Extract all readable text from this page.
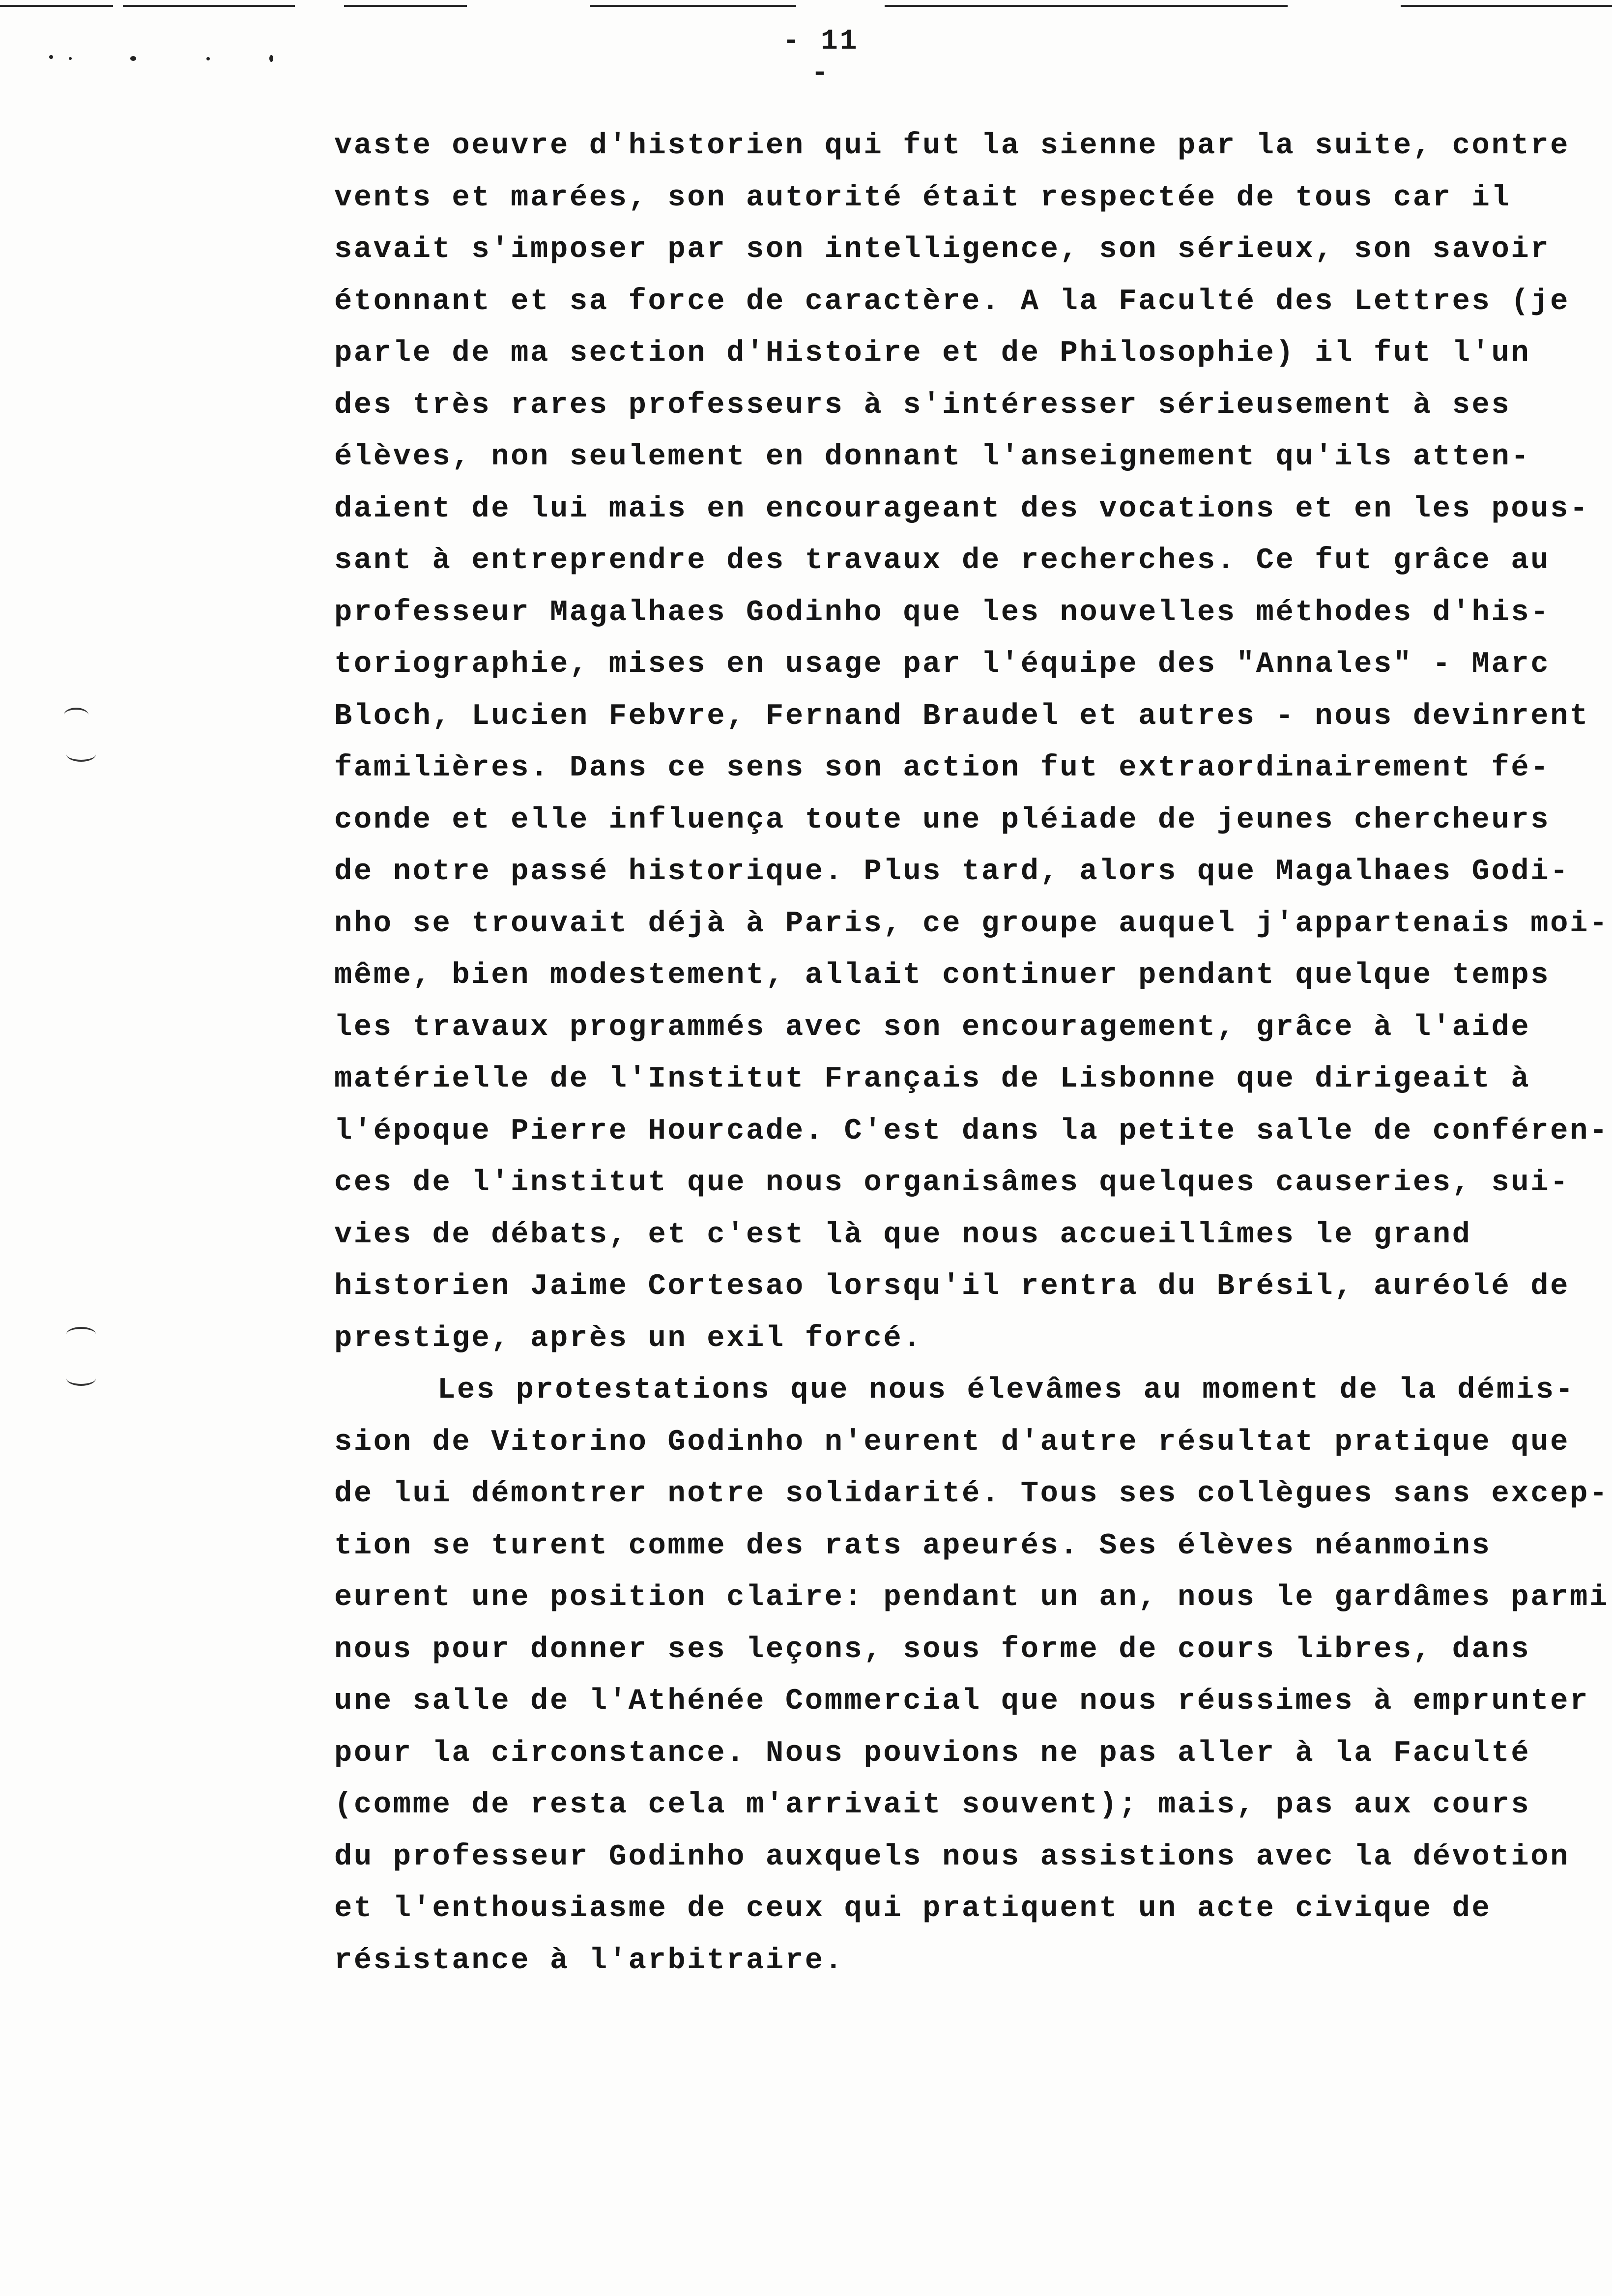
- 11 -
vaste oeuvre d'historien qui fut la sienne par la suite, contre
vents et marées, son autorité était respectée de tous car il
savait s'imposer par son intelligence, son sérieux, son savoir
étonnant et sa force de caractère. A la Faculté des Lettres (je
parle de ma section d'Histoire et de Philosophie) il fut l'un
des très rares professeurs à s'intéresser sérieusement à ses
élèves, non seulement en donnant l'anseignement qu'ils atten-
daient de lui mais en encourageant des vocations et en les pous-
sant à entreprendre des travaux de recherches. Ce fut grâce au
professeur Magalhaes Godinho que les nouvelles méthodes d'his-
toriographie, mises en usage par l'équipe des "Annales" - Marc
Bloch, Lucien Febvre, Fernand Braudel et autres - nous devinrent
familières. Dans ce sens son action fut extraordinairement fé-
conde et elle influença toute une pléiade de jeunes chercheurs
de notre passé historique. Plus tard, alors que Magalhaes Godi-
nho se trouvait déjà à Paris, ce groupe auquel j'appartenais moi-
même, bien modestement, allait continuer pendant quelque temps
les travaux programmés avec son encouragement, grâce à l'aide
matérielle de l'Institut Français de Lisbonne que dirigeait à
l'époque Pierre Hourcade. C'est dans la petite salle de conféren-
ces de l'institut que nous organisâmes quelques causeries, sui-
vies de débats, et c'est là que nous accueillîmes le grand
historien Jaime Cortesao lorsqu'il rentra du Brésil, auréolé de
prestige, après un exil forcé.
Les protestations que nous élevâmes au moment de la démis-
sion de Vitorino Godinho n'eurent d'autre résultat pratique que
de lui démontrer notre solidarité. Tous ses collègues sans excep-
tion se turent comme des rats apeurés. Ses élèves néanmoins
eurent une position claire: pendant un an, nous le gardâmes parmi
nous pour donner ses leçons, sous forme de cours libres, dans
une salle de l'Athénée Commercial que nous réussimes à emprunter
pour la circonstance. Nous pouvions ne pas aller à la Faculté
(comme de resta cela m'arrivait souvent); mais, pas aux cours
du professeur Godinho auxquels nous assistions avec la dévotion
et l'enthousiasme de ceux qui pratiquent un acte civique de
résistance à l'arbitraire.
